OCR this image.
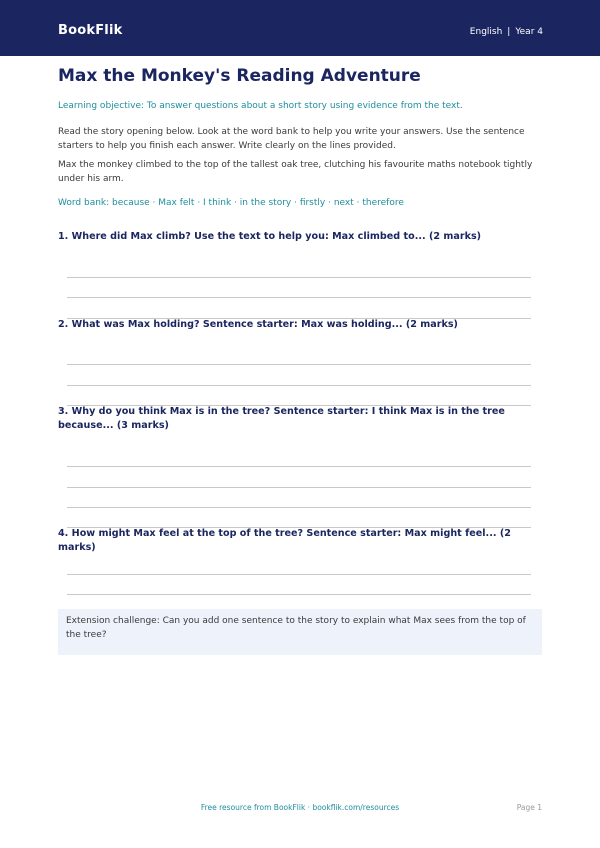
BookFlik	English | Year 4
Max the Monkey's Reading Adventure
Learning objective: To answer questions about a short story using evidence from the text.
Read the story opening below. Look at the word bank to help you write your answers. Use the sentence starters to help you finish each answer. Write clearly on the lines provided.
Max the monkey climbed to the top of the tallest oak tree, clutching his favourite maths notebook tightly under his arm.
Word bank: because · Max felt · I think · in the story · firstly · next · therefore
1. Where did Max climb? Use the text to help you: Max climbed to... (2 marks)
2. What was Max holding? Sentence starter: Max was holding... (2 marks)
3. Why do you think Max is in the tree? Sentence starter: I think Max is in the tree because... (3 marks)
4. How might Max feel at the top of the tree? Sentence starter: Max might feel... (2 marks)
Extension challenge: Can you add one sentence to the story to explain what Max sees from the top of the tree?
Free resource from BookFlik · bookflik.com/resources	Page 1
